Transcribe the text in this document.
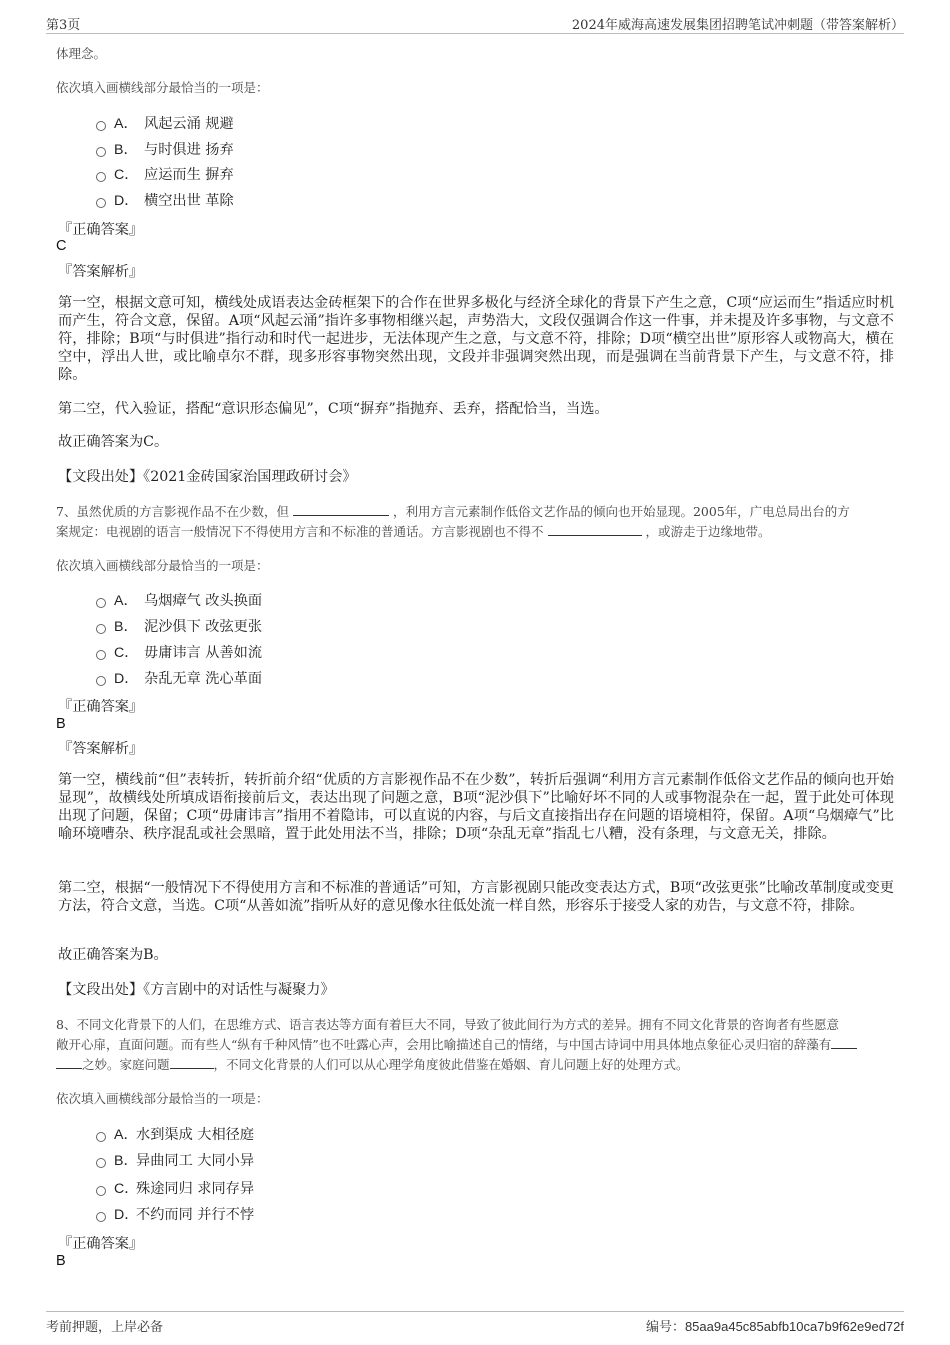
第3页	2024年威海高速发展集团招聘笔试冲刺题（带答案解析）
体理念。
依次填入画横线部分最恰当的一项是：
A． 风起云涌 规避
B． 与时俱进 扬弃
C． 应运而生 摒弃
D． 横空出世 革除
『正确答案』
C
『答案解析』
第一空，根据文意可知，横线处成语表达金砖框架下的合作在世界多极化与经济全球化的背景下产生之意，C项“应运而生”指适应时机而产生，符合文意，保留。A项“风起云涌”指许多事物相继兴起，声势浩大，文段仅强调合作这一件事，并未提及许多事物，与文意不符，排除；B项“与时俱进”指行动和时代一起进步，无法体现产生之意，与文意不符，排除；D项“横空出世”原形容人或物高大，横在空中，浮出人世，或比喻卓尔不群，现多形容事物突然出现，文段并非强调突然出现，而是强调在当前背景下产生，与文意不符，排除。
第二空，代入验证，搭配“意识形态偏见”，C项“摒弃”指抛弃、丢弃，搭配恰当，当选。
故正确答案为C。
【文段出处】《2021金砖国家治国理政研讨会》
7、虽然优质的方言影视作品不在少数，但	，利用方言元素制作低俗文艺作品的倾向也开始显现。2005年，广电总局出台的方
案规定：电视剧的语言一般情况下不得使用方言和不标准的普通话。方言影视剧也不得不	，或游走于边缘地带。
依次填入画横线部分最恰当的一项是：
A． 乌烟瘴气 改头换面
B． 泥沙俱下 改弦更张
C． 毋庸讳言 从善如流
D． 杂乱无章 洗心革面
『正确答案』
B
『答案解析』
第一空，横线前“但”表转折，转折前介绍“优质的方言影视作品不在少数”，转折后强调“利用方言元素制作低俗文艺作品的倾向也开始显现”，故横线处所填成语衔接前后文，表达出现了问题之意，B项“泥沙俱下”比喻好坏不同的人或事物混杂在一起，置于此处可体现出现了问题，保留；C项“毋庸讳言”指用不着隐讳，可以直说的内容，与后文直接指出存在问题的语境相符，保留。A项“乌烟瘴气”比喻环境嘈杂、秩序混乱或社会黑暗，置于此处用法不当，排除；D项“杂乱无章”指乱七八糟，没有条理，与文意无关，排除。
第二空，根据“一般情况下不得使用方言和不标准的普通话”可知，方言影视剧只能改变表达方式，B项“改弦更张”比喻改革制度或变更方法，符合文意，当选。C项“从善如流”指听从好的意见像水往低处流一样自然，形容乐于接受人家的劝告，与文意不符，排除。
故正确答案为B。
【文段出处】《方言剧中的对话性与凝聚力》
8、不同文化背景下的人们，在思维方式、语言表达等方面有着巨大不同，导致了彼此间行为方式的差异。拥有不同文化背景的咨询者有些愿意
敞开心扉，直面问题。而有些人“纵有千种风情”也不吐露心声，会用比喻描述自己的情绪，与中国古诗词中用具体地点象征心灵归宿的辞藻有
之妙。家庭问题	，不同文化背景的人们可以从心理学角度彼此借鉴在婚姻、育儿问题上好的处理方式。
依次填入画横线部分最恰当的一项是：
A．水到渠成 大相径庭
B．异曲同工 大同小异
C．殊途同归 求同存异
D．不约而同 并行不悖
『正确答案』
B
考前押题，上岸必备	编号：85aa9a45c85abfb10ca7b9f62e9ed72f
